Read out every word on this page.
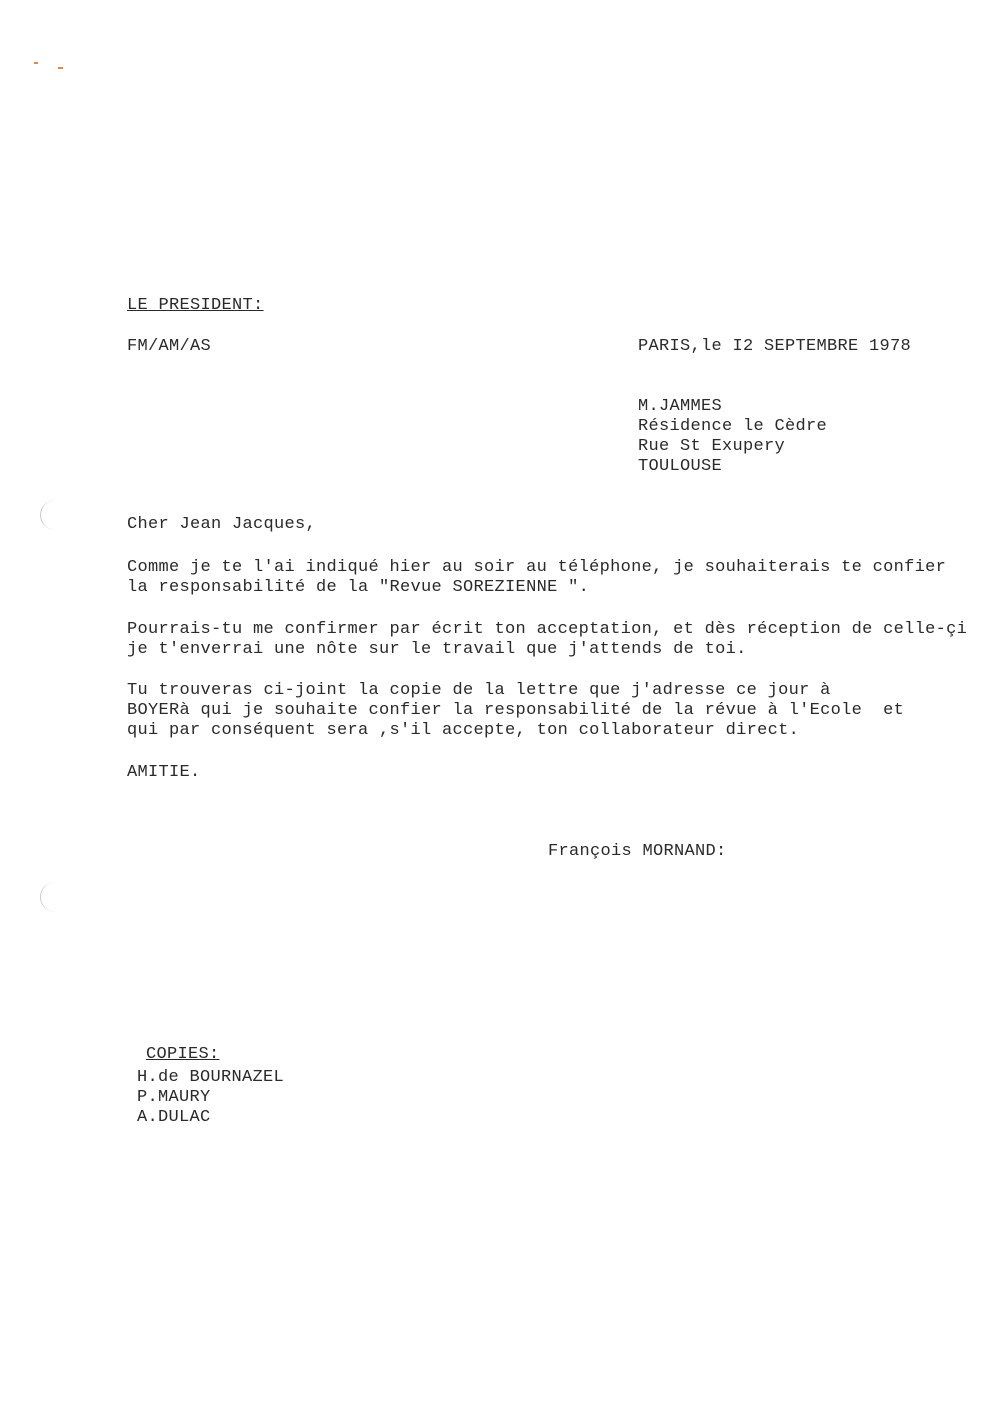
LE PRESIDENT:
FM/AM/AS	PARIS,le I2 SEPTEMBRE 1978
M.JAMMES
Résidence le Cèdre
Rue St Exupery
TOULOUSE
Cher Jean Jacques,
Comme je te l'ai indiqué hier au soir au téléphone, je souhaiterais te confier
la responsabilité de la "Revue SOREZIENNE ".
Pourrais-tu me confirmer par écrit ton acceptation, et dès réception de celle-çi
je t'enverrai une nôte sur le travail que j'attends de toi.
Tu trouveras ci-joint la copie de la lettre que j'adresse ce jour à
BOYERà qui je souhaite confier la responsabilité de la révue à l'Ecole  et
qui par conséquent sera ,s'il accepte, ton collaborateur direct.
AMITIE.
François MORNAND:
COPIES:
H.de BOURNAZEL
P.MAURY
A.DULAC
